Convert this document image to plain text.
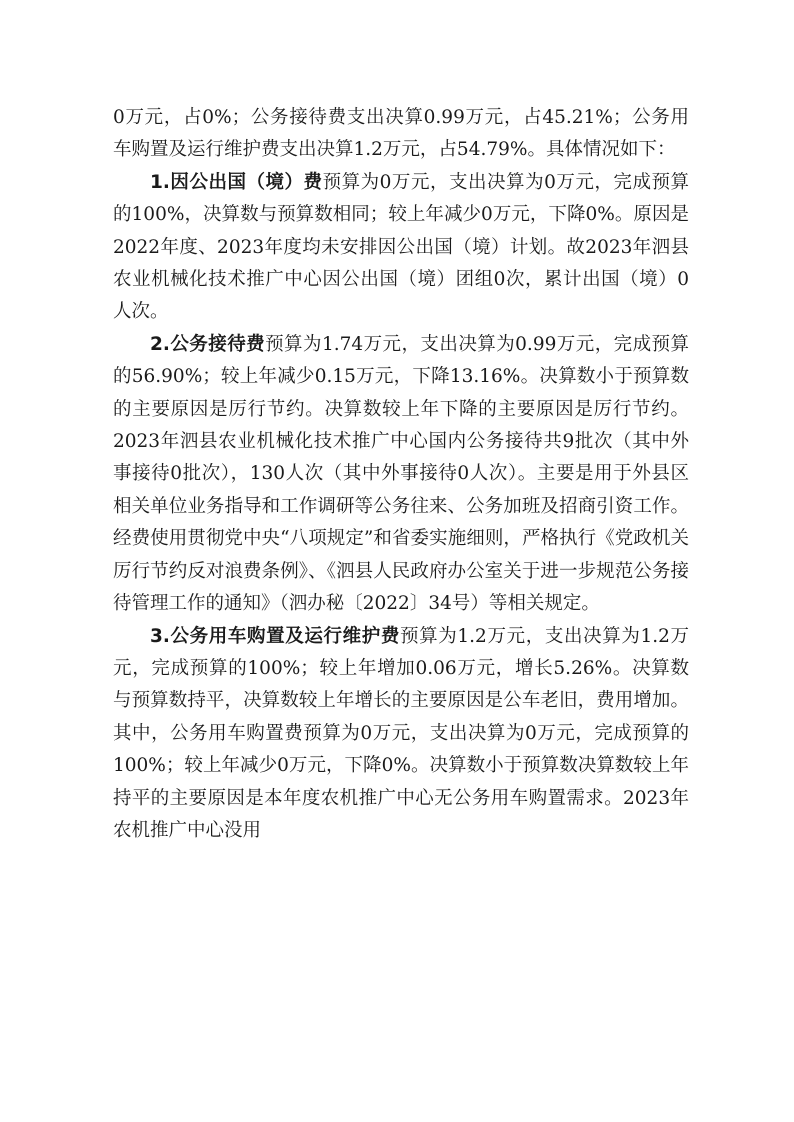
0万元，占0%；公务接待费支出决算0.99万元，占45.21%；公务用车购置及运行维护费支出决算1.2万元，占54.79%。具体情况如下：

1.因公出国（境）费预算为0万元，支出决算为0万元，完成预算的100%，决算数与预算数相同；较上年减少0万元，下降0%。原因是2022年度、2023年度均未安排因公出国（境）计划。故2023年泗县农业机械化技术推广中心因公出国（境）团组0次，累计出国（境）0人次。

2.公务接待费预算为1.74万元，支出决算为0.99万元，完成预算的56.90%；较上年减少0.15万元，下降13.16%。决算数小于预算数的主要原因是厉行节约。决算数较上年下降的主要原因是厉行节约。2023年泗县农业机械化技术推广中心国内公务接待共9批次（其中外事接待0批次），130人次（其中外事接待0人次）。主要是用于外县区相关单位业务指导和工作调研等公务往来、公务加班及招商引资工作。经费使用贯彻党中央“八项规定”和省委实施细则，严格执行《党政机关厉行节约反对浪费条例》、《泗县人民政府办公室关于进一步规范公务接待管理工作的通知》（泗办秘〔2022〕34号）等相关规定。

3.公务用车购置及运行维护费预算为1.2万元，支出决算为1.2万元，完成预算的100%；较上年增加0.06万元，增长5.26%。决算数与预算数持平，决算数较上年增长的主要原因是公车老旧，费用增加。其中，公务用车购置费预算为0万元，支出决算为0万元，完成预算的100%；较上年减少0万元，下降0%。决算数小于预算数决算数较上年持平的主要原因是本年度农机推广中心无公务用车购置需求。2023年农机推广中心没用
